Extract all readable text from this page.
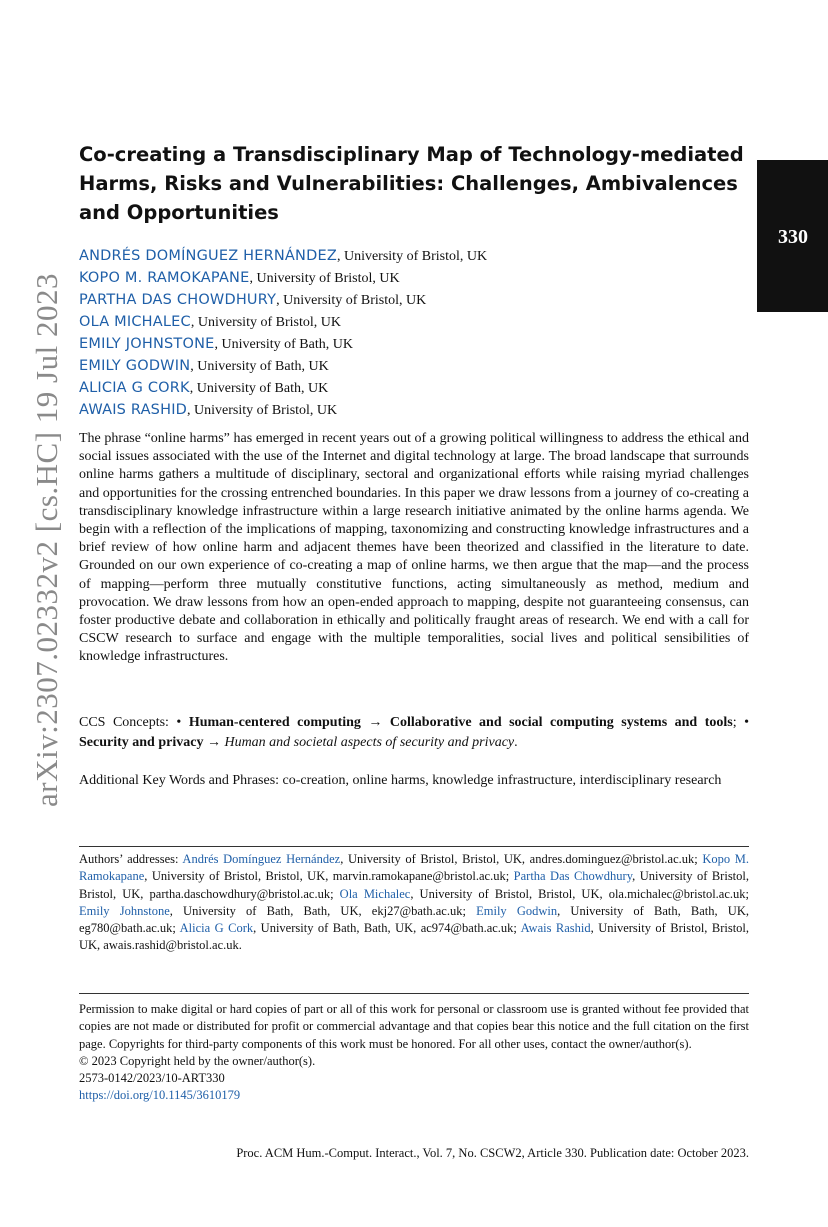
arXiv:2307.02332v2 [cs.HC] 19 Jul 2023
Co-creating a Transdisciplinary Map of Technology-mediated Harms, Risks and Vulnerabilities: Challenges, Ambivalences and Opportunities
330
ANDRÉS DOMÍNGUEZ HERNÁNDEZ, University of Bristol, UK
KOPO M. RAMOKAPANE, University of Bristol, UK
PARTHA DAS CHOWDHURY, University of Bristol, UK
OLA MICHALEC, University of Bristol, UK
EMILY JOHNSTONE, University of Bath, UK
EMILY GODWIN, University of Bath, UK
ALICIA G CORK, University of Bath, UK
AWAIS RASHID, University of Bristol, UK

The phrase “online harms” has emerged in recent years out of a growing political willingness to address the ethical and social issues associated with the use of the Internet and digital technology at large. The broad landscape that surrounds online harms gathers a multitude of disciplinary, sectoral and organizational efforts while raising myriad challenges and opportunities for the crossing entrenched boundaries. In this paper we draw lessons from a journey of co-creating a transdisciplinary knowledge infrastructure within a large research initiative animated by the online harms agenda. We begin with a reflection of the implications of mapping, taxonomizing and constructing knowledge infrastructures and a brief review of how online harm and adjacent themes have been theorized and classified in the literature to date. Grounded on our own experience of co-creating a map of online harms, we then argue that the map—and the process of mapping—perform three mutually constitutive functions, acting simultaneously as method, medium and provocation. We draw lessons from how an open-ended approach to mapping, despite not guaranteeing consensus, can foster productive debate and collaboration in ethically and politically fraught areas of research. We end with a call for CSCW research to surface and engage with the multiple temporalities, social lives and political sensibilities of knowledge infrastructures.

CCS Concepts: • Human-centered computing → Collaborative and social computing systems and tools; • Security and privacy → Human and societal aspects of security and privacy.

Additional Key Words and Phrases: co-creation, online harms, knowledge infrastructure, interdisciplinary research

Authors’ addresses: Andrés Domínguez Hernández, University of Bristol, Bristol, UK, andres.dominguez@bristol.ac.uk; Kopo M. Ramokapane, University of Bristol, Bristol, UK, marvin.ramokapane@bristol.ac.uk; Partha Das Chowdhury, University of Bristol, Bristol, UK, partha.daschowdhury@bristol.ac.uk; Ola Michalec, University of Bristol, Bristol, UK, ola.michalec@bristol.ac.uk; Emily Johnstone, University of Bath, Bath, UK, ekj27@bath.ac.uk; Emily Godwin, University of Bath, Bath, UK, eg780@bath.ac.uk; Alicia G Cork, University of Bath, Bath, UK, ac974@bath.ac.uk; Awais Rashid, University of Bristol, Bristol, UK, awais.rashid@bristol.ac.uk.

Permission to make digital or hard copies of part or all of this work for personal or classroom use is granted without fee provided that copies are not made or distributed for profit or commercial advantage and that copies bear this notice and the full citation on the first page. Copyrights for third-party components of this work must be honored. For all other uses, contact the owner/author(s).

© 2023 Copyright held by the owner/author(s).

2573-0142/2023/10-ART330

https://doi.org/10.1145/3610179

Proc. ACM Hum.-Comput. Interact., Vol. 7, No. CSCW2, Article 330. Publication date: October 2023.
